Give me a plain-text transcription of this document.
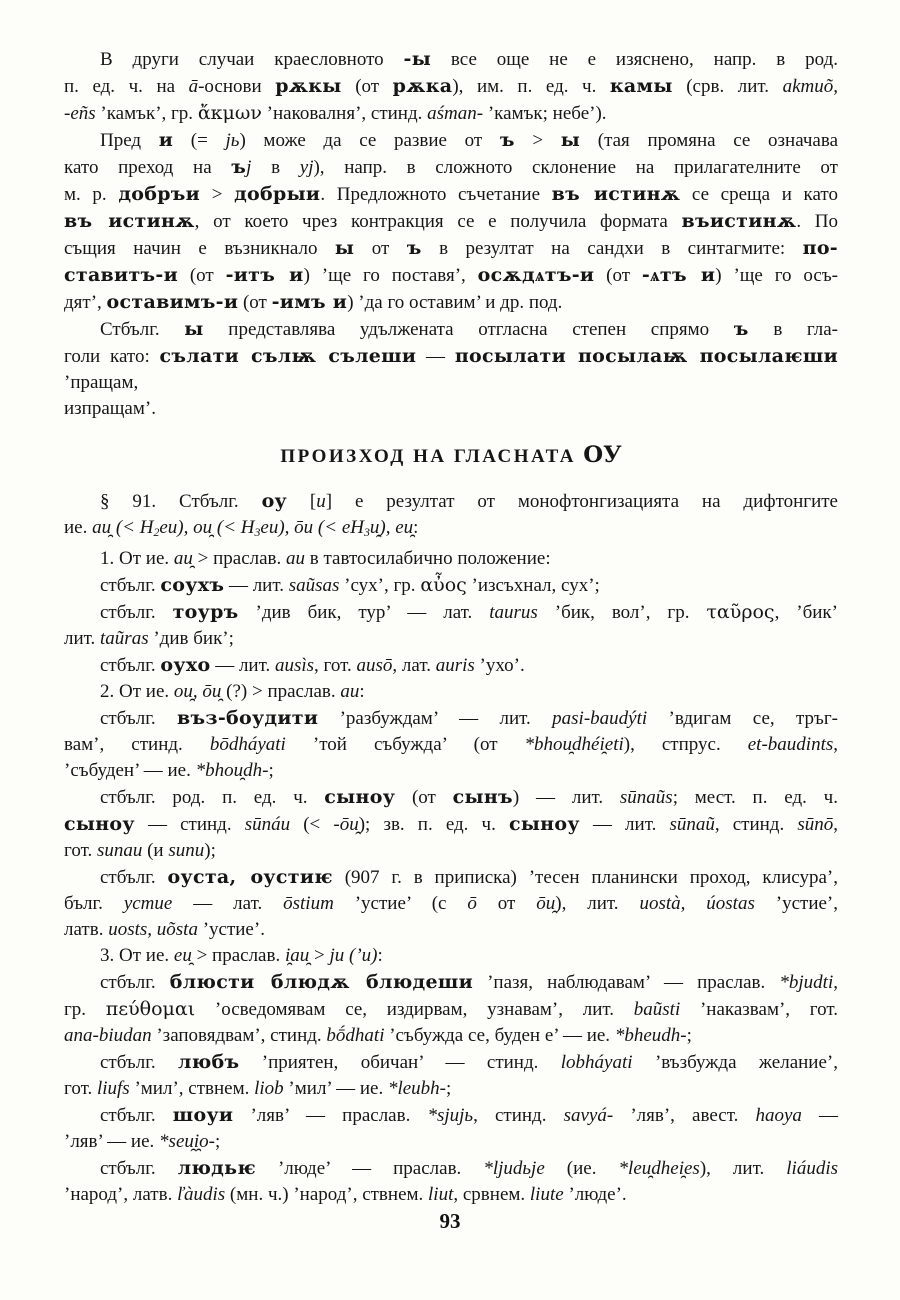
В други случаи краесловното -ы все още не е изяснено, напр. в род.
п. ед. ч. на ā-основи рѫкы (от рѫка), им. п. ед. ч. камы (срв. лит. akmuõ,
-eñs ’камък’, гр. ἄκμων ’наковалня’, стинд. aśman- ’камък; небе’).
Пред и (= jь) може да се развие от ъ > ы (тая промяна се означава
като преход на ъj в yj), напр. в сложното склонение на прилагателните от
м. р. добръи > добрыи. Предложното съчетание въ истинѫ се среща и като
въ истинѫ, от което чрез контракция се е получила формата въистинѫ. По
същия начин е възникнало ы от ъ в резултат на сандхи в синтагмите: по-
ставитъ-и (от -итъ и) ’ще го поставя’, осѫдѧтъ-и (от -ѧтъ и) ’ще го осъ-
дят’, оставимъ-и (от -имъ и) ’да го оставим’ и др. под.
Стбълг. ы представлява удължената отгласна степен спрямо ъ в гла-
голи като: сълати сълѭ сълеши — посылати посылаѭ посылаѥши ’пращам,
изпращам’.
ПРОИЗХОД НА ГЛАСНАТА ОУ
§ 91. Стбълг. оу [u] е резултат от монофтонгизацията на дифтонгите
ие. au̯ (< H2eu), ou̯ (< H3eu), ōu (< eH3u̯), eu̯:
1. От ие. au̯ > праслав. au в тавтосилабично положение:
стбълг. соухъ — лит. saũsas ’сух’, гр. αὖος ’изсъхнал, сух’;
стбълг. тоуръ ’див бик, тур’ — лат. taurus ’бик, вол’, гр. ταῦρος, ’бик’
лит. taũras ’див бик’;
стбълг. оухо — лит. ausìs, гот. ausō, лат. auris ’ухо’.
2. От ие. ou̯, ōu̯ (?) > праслав. au:
стбълг. въз-боудити ’разбуждам’ — лит. pasi-baudýti ’вдигам се, тръг-
вам’, стинд. bōdháyati ’той събужда’ (от *bhou̯dhéi̯eti), стпрус. et-baudints,
’събуден’ — ие. *bhou̯dh-;
стбълг. род. п. ед. ч. сыноу (от сынъ) — лит. sūnaũs; мест. п. ед. ч.
сыноу — стинд. sūnáu (< -ōu̯); зв. п. ед. ч. сыноу — лит. sūnaũ, стинд. sūnō,
гот. sunau (и sunu);
стбълг. оуста, оустиѥ (907 г. в приписка) ’тесен планински проход, клисура’,
бълг. устие — лат. ōstium ’устие’ (с ō от ōu̯), лит. uostà, úostas ’устие’,
латв. uosts, uõsta ’устие’.
3. От ие. eu̯ > праслав. i̯au̯ > ju (’u):
стбълг. блюсти блюдѫ блюдеши ’пазя, наблюдавам’ — праслав. *bjudti,
гр. πεύθομαι ’осведомявам се, издирвам, узнавам’, лит. baũsti ’наказвам’, гот.
ana-biudan ’заповядвам’, стинд. bṓdhati ’събужда се, буден е’ — ие. *bheudh-;
стбълг. любъ ’приятен, обичан’ — стинд. lobháyati ’възбужда желание’,
гот. liufs ’мил’, ствнем. liob ’мил’ — ие. *leubh-;
стбълг. шоуи ’ляв’ — праслав. *sjujь, стинд. savyá- ’ляв’, авест. haoya —
’ляв’ — ие. *seu̯i̯o-;
стбълг. людьѥ ’люде’ — праслав. *ljudьje (ие. *leu̯dhei̯es), лит. liáudis
’народ’, латв. ľàudis (мн. ч.) ’народ’, ствнем. liut, срвнем. liute ’люде’.
93
